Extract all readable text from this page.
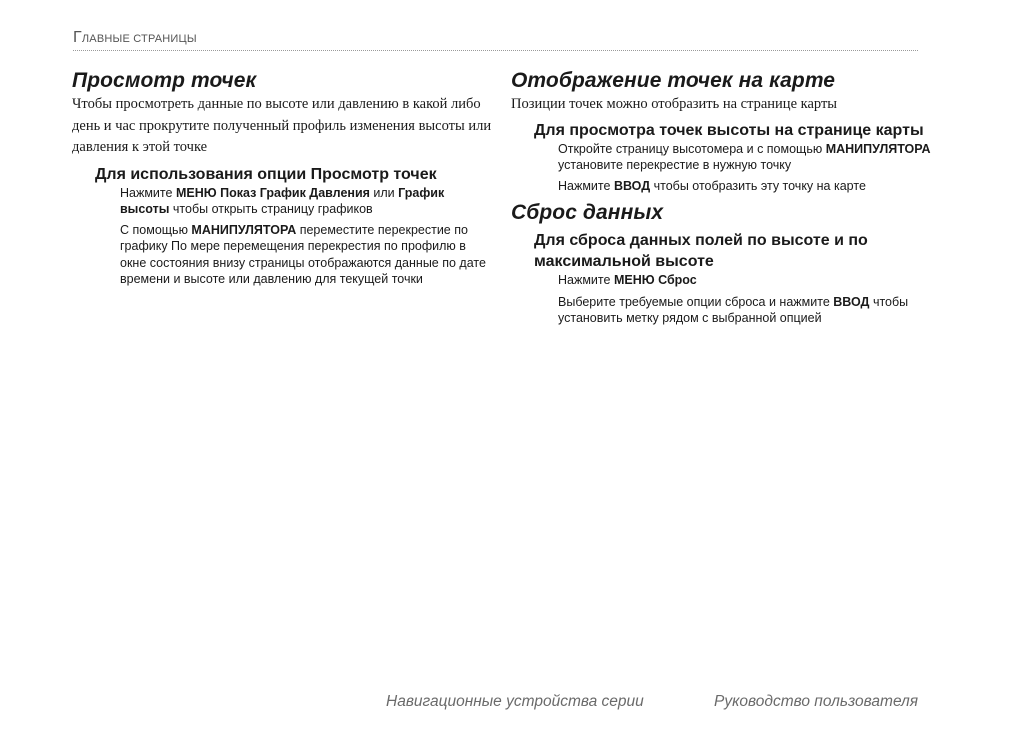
ГЛАВНЫЕ СТРАНИЦЫ
Просмотр точек

Чтобы просмотреть данные по высоте или давлению в какой либо день и час прокрутите полученный профиль изменения высоты или давления к этой точке

Для использования опции Просмотр точек

Нажмите МЕНЮ Показ График Давления или График высоты чтобы открыть страницу графиков

С помощью МАНИПУЛЯТОРА переместите перекрестие по графику По мере перемещения перекрестия по профилю в окне состояния внизу страницы отображаются данные по дате времени и высоте или давлению для текущей точки

Отображение точек на карте

Позиции точек можно отобразить на странице карты

Для просмотра точек высоты на странице карты

Откройте страницу высотомера и с помощью МАНИПУЛЯТОРА установите перекрестие в нужную точку

Нажмите ВВОД чтобы отобразить эту точку на карте

Сброс данных
Для сброса данных полей по высоте и по максимальной высоте

Нажмите МЕНЮ Сброс

Выберите требуемые опции сброса и нажмите ВВОД чтобы установить метку рядом с выбранной опцией

Навигационные устройства серии	Руководство пользователя
